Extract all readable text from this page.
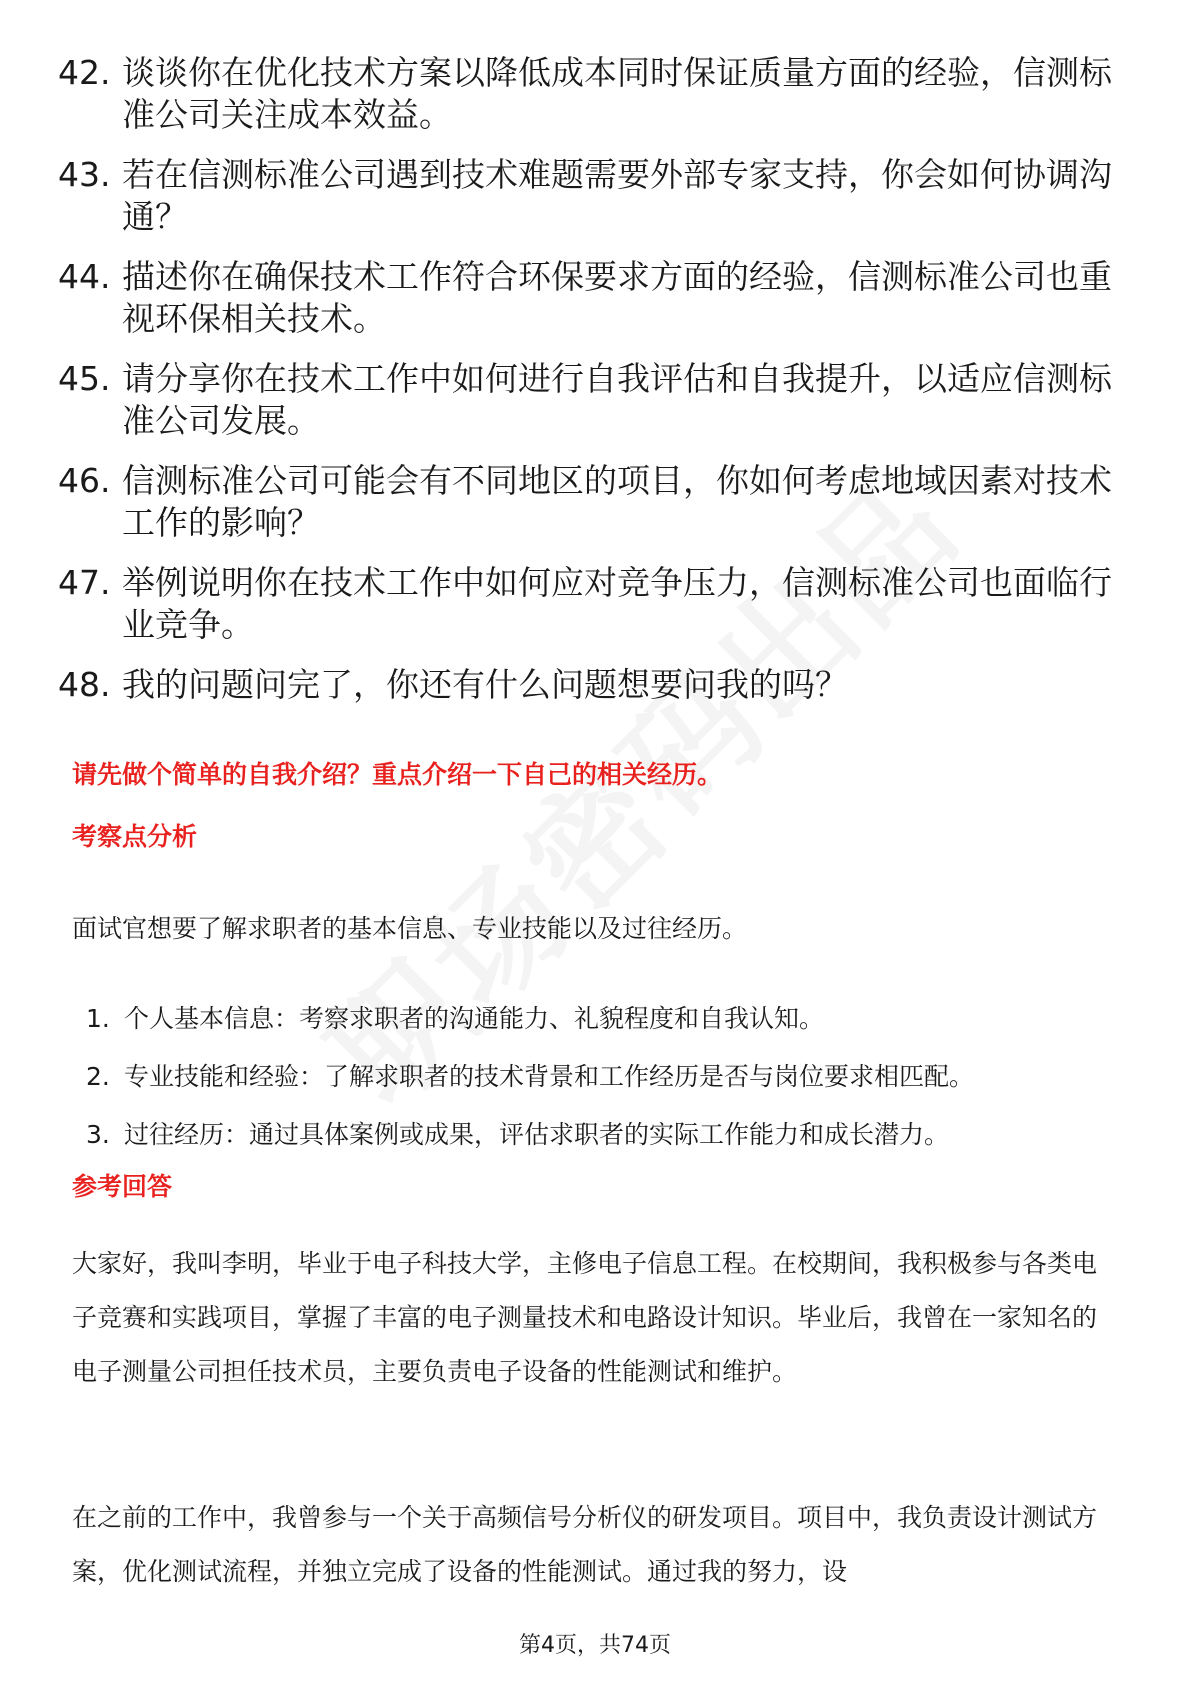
42. 谈谈你在优化技术方案以降低成本同时保证质量方面的经验，信测标准公司关注成本效益。
43. 若在信测标准公司遇到技术难题需要外部专家支持，你会如何协调沟通？
44. 描述你在确保技术工作符合环保要求方面的经验，信测标准公司也重视环保相关技术。
45. 请分享你在技术工作中如何进行自我评估和自我提升，以适应信测标准公司发展。
46. 信测标准公司可能会有不同地区的项目，你如何考虑地域因素对技术工作的影响？
47. 举例说明你在技术工作中如何应对竞争压力，信测标准公司也面临行业竞争。
48. 我的问题问完了，你还有什么问题想要问我的吗？
请先做个简单的自我介绍？重点介绍一下自己的相关经历。
考察点分析
面试官想要了解求职者的基本信息、专业技能以及过往经历。
1. 个人基本信息：考察求职者的沟通能力、礼貌程度和自我认知。
2. 专业技能和经验：了解求职者的技术背景和工作经历是否与岗位要求相匹配。
3. 过往经历：通过具体案例或成果，评估求职者的实际工作能力和成长潜力。
参考回答
大家好，我叫李明，毕业于电子科技大学，主修电子信息工程。在校期间，我积极参与各类电子竞赛和实践项目，掌握了丰富的电子测量技术和电路设计知识。毕业后，我曾在一家知名的电子测量公司担任技术员，主要负责电子设备的性能测试和维护。
在之前的工作中，我曾参与一个关于高频信号分析仪的研发项目。项目中，我负责设计测试方案，优化测试流程，并独立完成了设备的性能测试。通过我的努力，设
第4页，共74页
